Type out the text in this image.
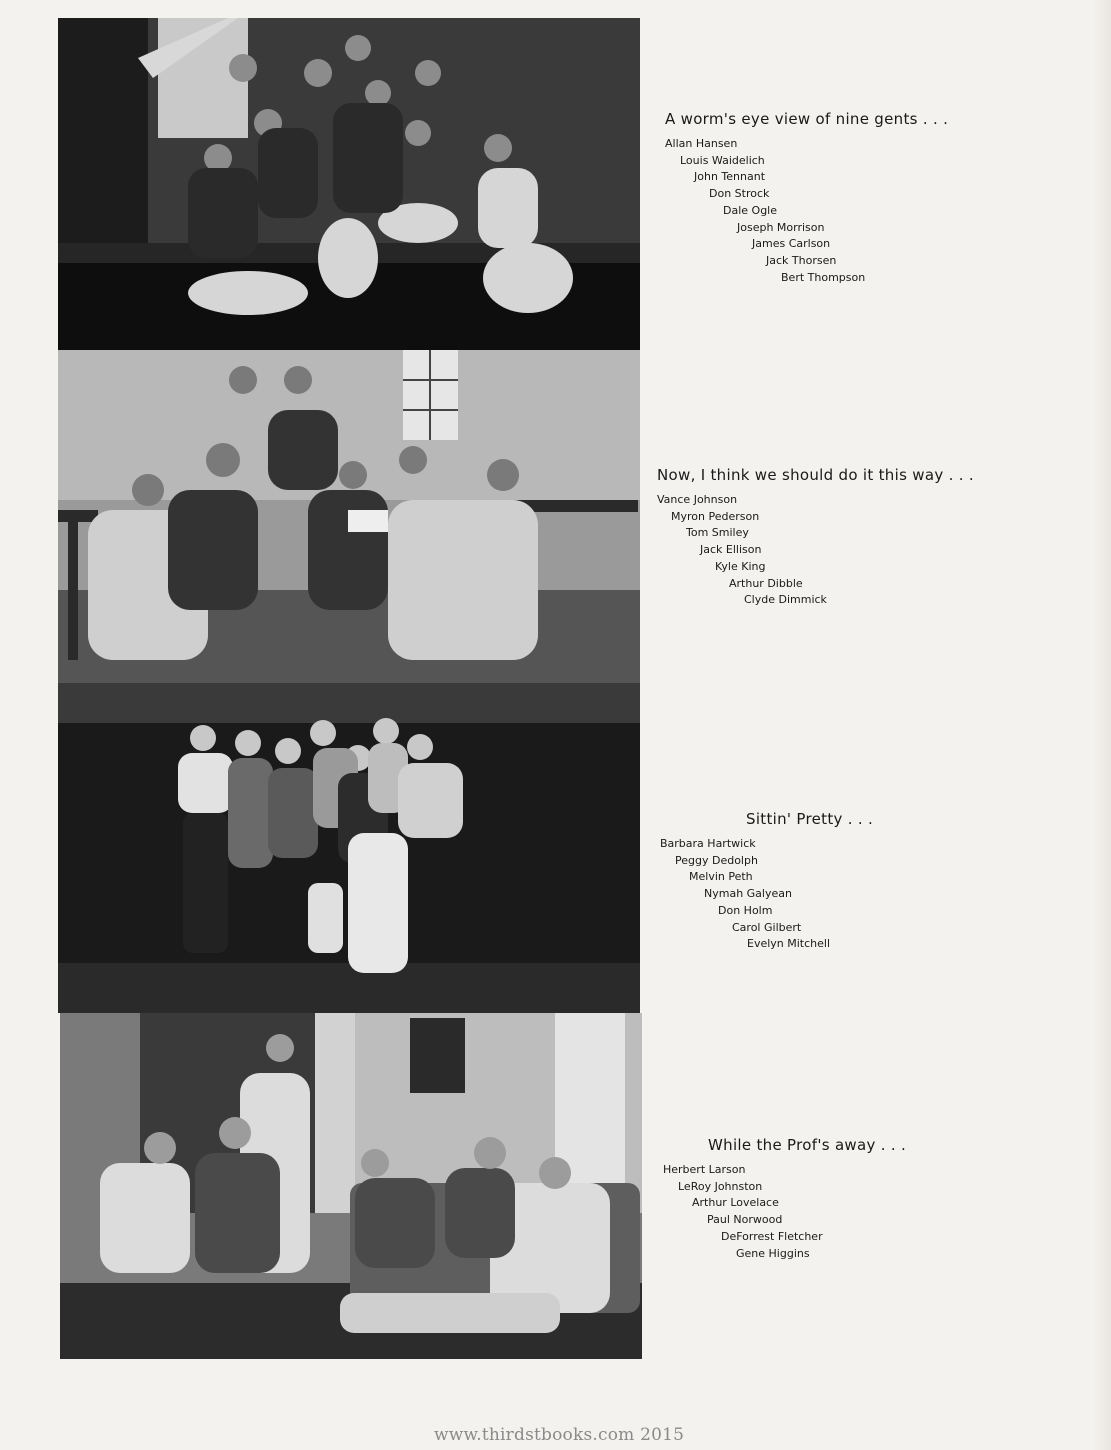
A worm's eye view of nine gents . . .
Allan Hansen
Louis Waidelich
John Tennant
Don Strock
Dale Ogle
Joseph Morrison
James Carlson
Jack Thorsen
Bert Thompson
Now, I think we should do it this way . . .
Vance Johnson
Myron Pederson
Tom Smiley
Jack Ellison
Kyle King
Arthur Dibble
Clyde Dimmick
Sittin' Pretty . . .
Barbara Hartwick
Peggy Dedolph
Melvin Peth
Nymah Galyean
Don Holm
Carol Gilbert
Evelyn Mitchell
While the Prof's away . . .
Herbert Larson
LeRoy Johnston
Arthur Lovelace
Paul Norwood
DeForrest Fletcher
Gene Higgins
www.thirdstbooks.com 2015
